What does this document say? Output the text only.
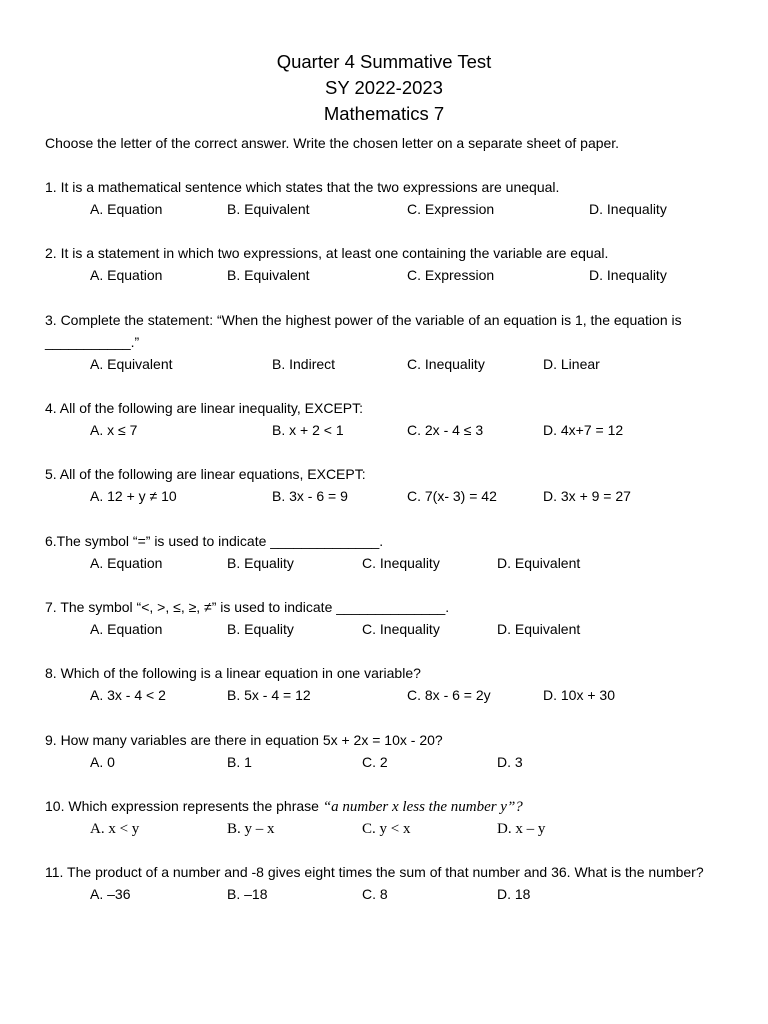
Quarter 4 Summative Test
SY 2022-2023
Mathematics 7
Choose the letter of the correct answer. Write the chosen letter on a separate sheet of paper.
1. It is a mathematical sentence which states that the two expressions are unequal.
A. Equation	B. Equivalent	C. Expression	D. Inequality
2. It is a statement in which two expressions, at least one containing the variable are equal.
A. Equation	B. Equivalent	C. Expression	D. Inequality
3. Complete the statement: “When the highest power of the variable of an equation is 1, the equation is ___________.”
A. Equivalent	B. Indirect	C. Inequality	D. Linear
4. All of the following are linear inequality, EXCEPT:
A. x ≤ 7	B. x + 2 < 1	C. 2x - 4 ≤ 3	D. 4x+7 = 12
5. All of the following are linear equations, EXCEPT:
A. 12 + y ≠ 10	B. 3x - 6 = 9	C. 7(x- 3) = 42	D. 3x + 9 = 27
6.The symbol “=” is used to indicate ______________.
A. Equation	B. Equality	C. Inequality	D. Equivalent
7. The symbol “<, >, ≤, ≥, ≠” is used to indicate ______________.
A. Equation	B. Equality	C. Inequality	D. Equivalent
8. Which of the following is a linear equation in one variable?
A. 3x - 4 < 2	B. 5x - 4 = 12	C. 8x - 6 = 2y	D. 10x + 30
9. How many variables are there in equation 5x + 2x = 10x - 20?
A. 0	B. 1	C. 2	D. 3
10. Which expression represents the phrase “a number x less the number y”?
A. x < y	B. y – x	C. y < x	D. x – y
11. The product of a number and -8 gives eight times the sum of that number and 36. What is the number?
A. –36	B. –18	C. 8	D. 18
